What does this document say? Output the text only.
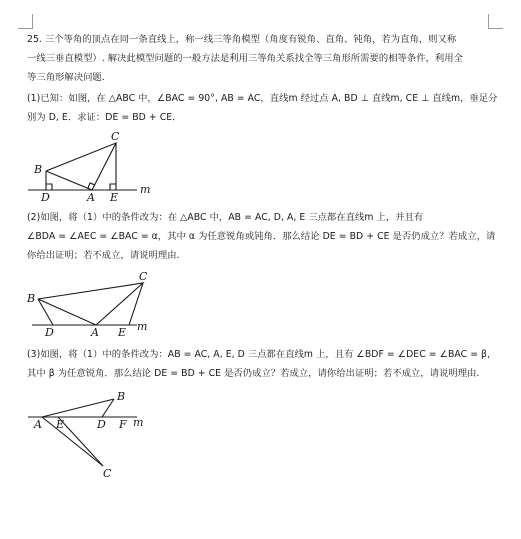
25. 三个等角的顶点在同一条直线上，称一线三等角模型（角度有锐角、直角、钝角，若为直角，则又称
一线三垂直模型）. 解决此模型问题的一般方法是利用三等角关系找全等三角形所需要的相等条件，利用全
等三角形解决问题.
(1)已知：如图，在 △ABC 中，∠BAC = 90°, AB = AC，直线m 经过点 A, BD ⊥ 直线m, CE ⊥ 直线m，垂足分
别为 D, E．求证：DE = BD + CE．
B
C
D	A E
m
B
C
D	A E m
B
C
A E	D F m
(2)如图，将（1）中的条件改为：在 △ABC 中，AB = AC, D, A, E 三点都在直线m 上，并且有
∠BDA = ∠AEC = ∠BAC = α，其中 α 为任意锐角或钝角．那么结论 DE = BD + CE 是否仍成立？若成立，请
你给出证明；若不成立，请说明理由.
(3)如图，将（1）中的条件改为：AB = AC, A, E, D 三点都在直线m 上，且有 ∠BDF = ∠DEC = ∠BAC = β，
其中 β 为任意锐角．那么结论 DE = BD + CE 是否仍成立？若成立，请你给出证明；若不成立，请说明理由.
